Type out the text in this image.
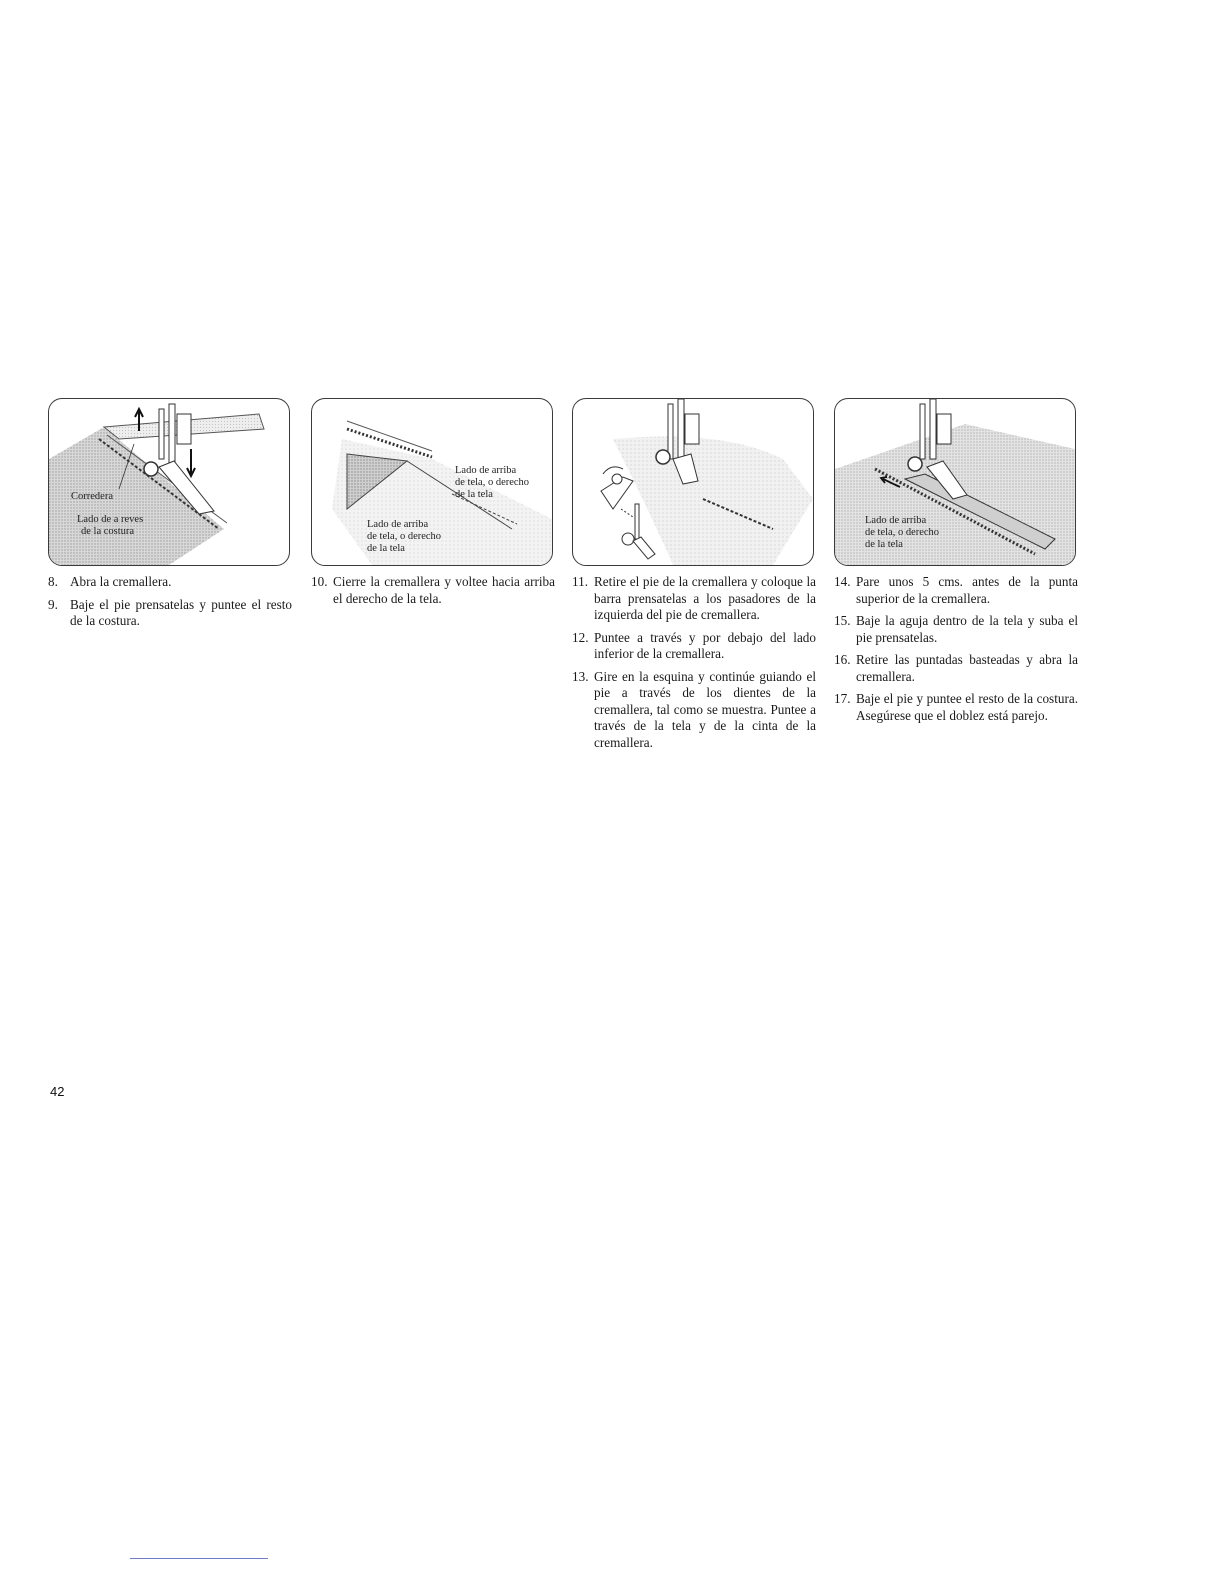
Corredera
Lado de a reves
de la costura
Lado de arriba
de tela, o derecho
de la tela
Lado de arriba
de tela, o derecho
de la tela
Lado de arriba
de tela, o derecho
de la tela
8. Abra la cremallera.
9. Baje el pie prensatelas y puntee el resto de la costura.
10. Cierre la cremallera y voltee hacia arriba el derecho de la tela.
11. Retire el pie de la cremallera y coloque la barra prensatelas a los pasadores de la izquierda del pie de cremallera.
12. Puntee a través y por debajo del lado inferior de la cremallera.
13. Gire en la esquina y continúe guiando el pie a través de los dientes de la cremallera, tal como se muestra. Puntee a través de la tela y de la cinta de la cremallera.
14. Pare unos 5 cms. antes de la punta superior de la cremallera.
15. Baje la aguja dentro de la tela y suba el pie prensatelas.
16. Retire las puntadas basteadas y abra la cremallera.
17. Baje el pie y puntee el resto de la costura. Asegúrese que el doblez está parejo.
42
